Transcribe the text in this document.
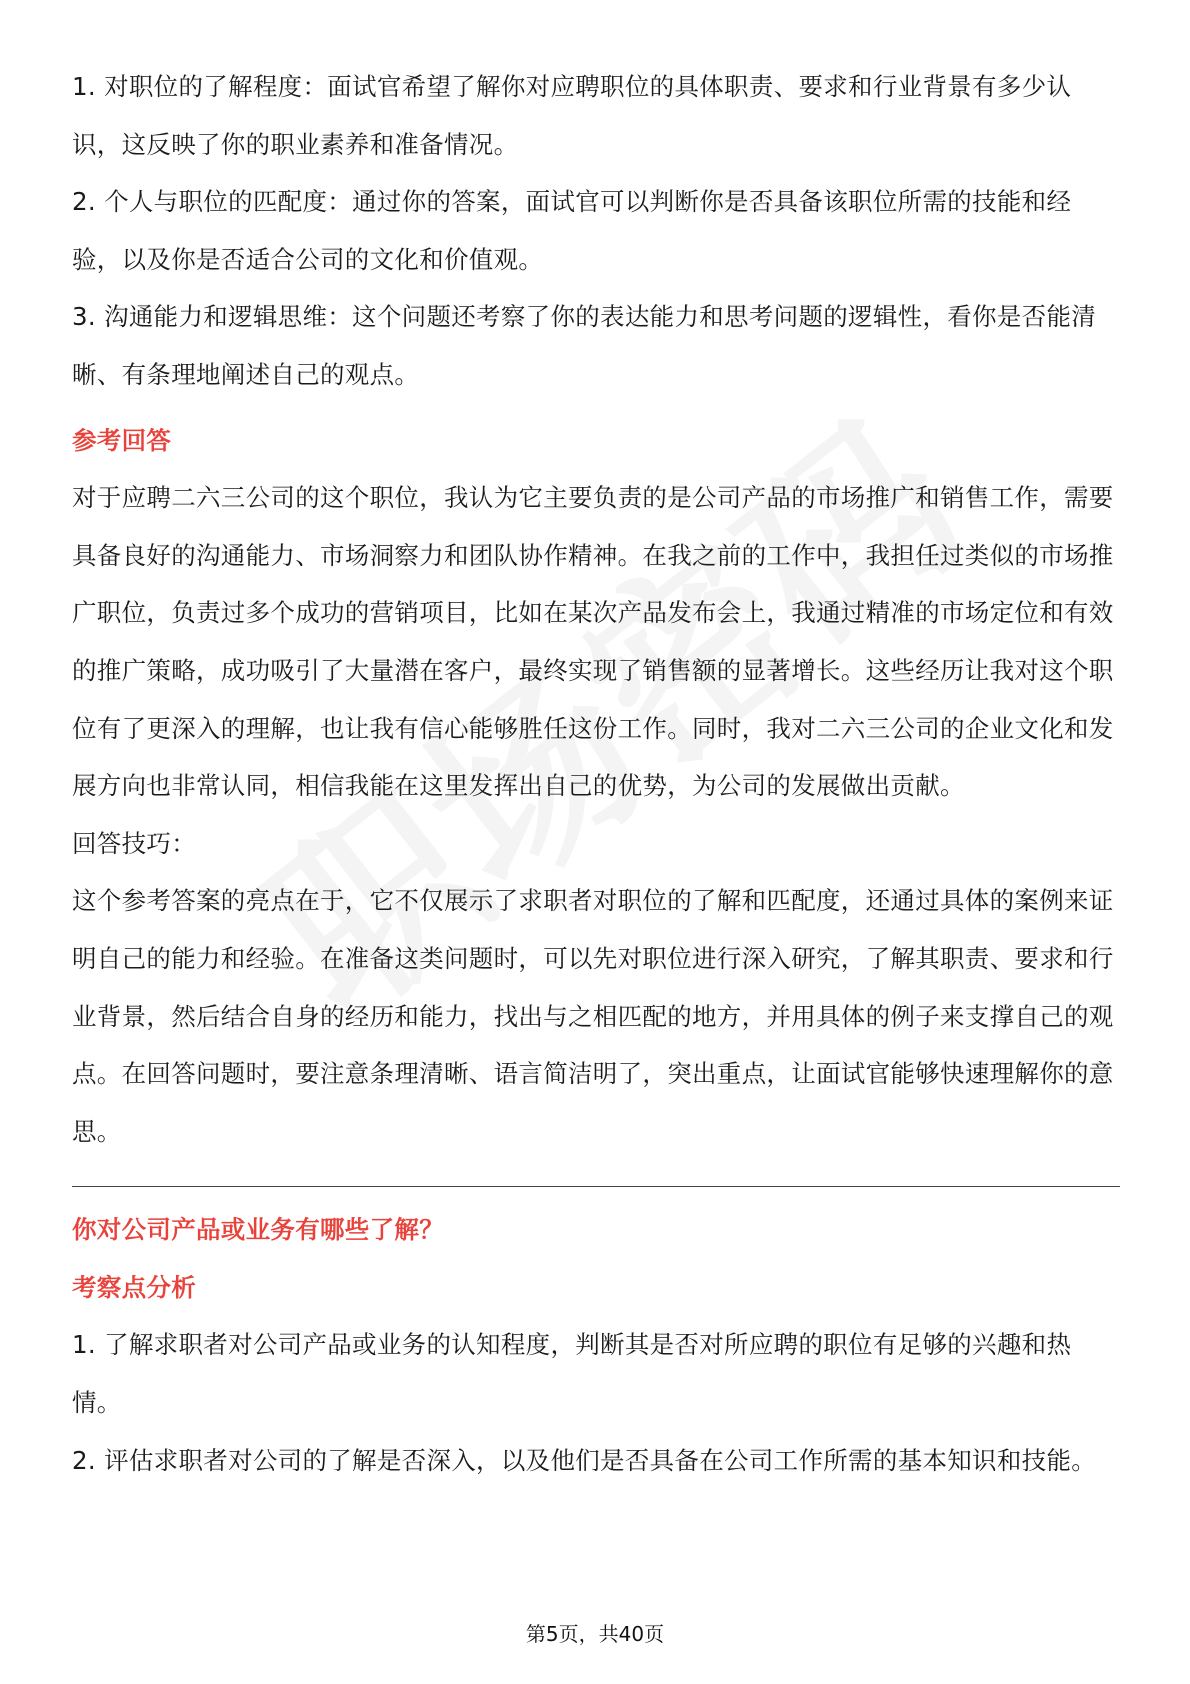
1. 对职位的了解程度：面试官希望了解你对应聘职位的具体职责、要求和行业背景有多少认识，这反映了你的职业素养和准备情况。

2. 个人与职位的匹配度：通过你的答案，面试官可以判断你是否具备该职位所需的技能和经验，以及你是否适合公司的文化和价值观。

3. 沟通能力和逻辑思维：这个问题还考察了你的表达能力和思考问题的逻辑性，看你是否能清晰、有条理地阐述自己的观点。

参考回答

对于应聘二六三公司的这个职位，我认为它主要负责的是公司产品的市场推广和销售工作，需要具备良好的沟通能力、市场洞察力和团队协作精神。在我之前的工作中，我担任过类似的市场推广职位，负责过多个成功的营销项目，比如在某次产品发布会上，我通过精准的市场定位和有效的推广策略，成功吸引了大量潜在客户，最终实现了销售额的显著增长。这些经历让我对这个职位有了更深入的理解，也让我有信心能够胜任这份工作。同时，我对二六三公司的企业文化和发展方向也非常认同，相信我能在这里发挥出自己的优势，为公司的发展做出贡献。

回答技巧：

这个参考答案的亮点在于，它不仅展示了求职者对职位的了解和匹配度，还通过具体的案例来证明自己的能力和经验。在准备这类问题时，可以先对职位进行深入研究，了解其职责、要求和行业背景，然后结合自身的经历和能力，找出与之相匹配的地方，并用具体的例子来支撑自己的观点。在回答问题时，要注意条理清晰、语言简洁明了，突出重点，让面试官能够快速理解你的意思。

你对公司产品或业务有哪些了解？

考察点分析

1. 了解求职者对公司产品或业务的认知程度，判断其是否对所应聘的职位有足够的兴趣和热情。

2. 评估求职者对公司的了解是否深入，以及他们是否具备在公司工作所需的基本知识和技能。

第5页，共40页
